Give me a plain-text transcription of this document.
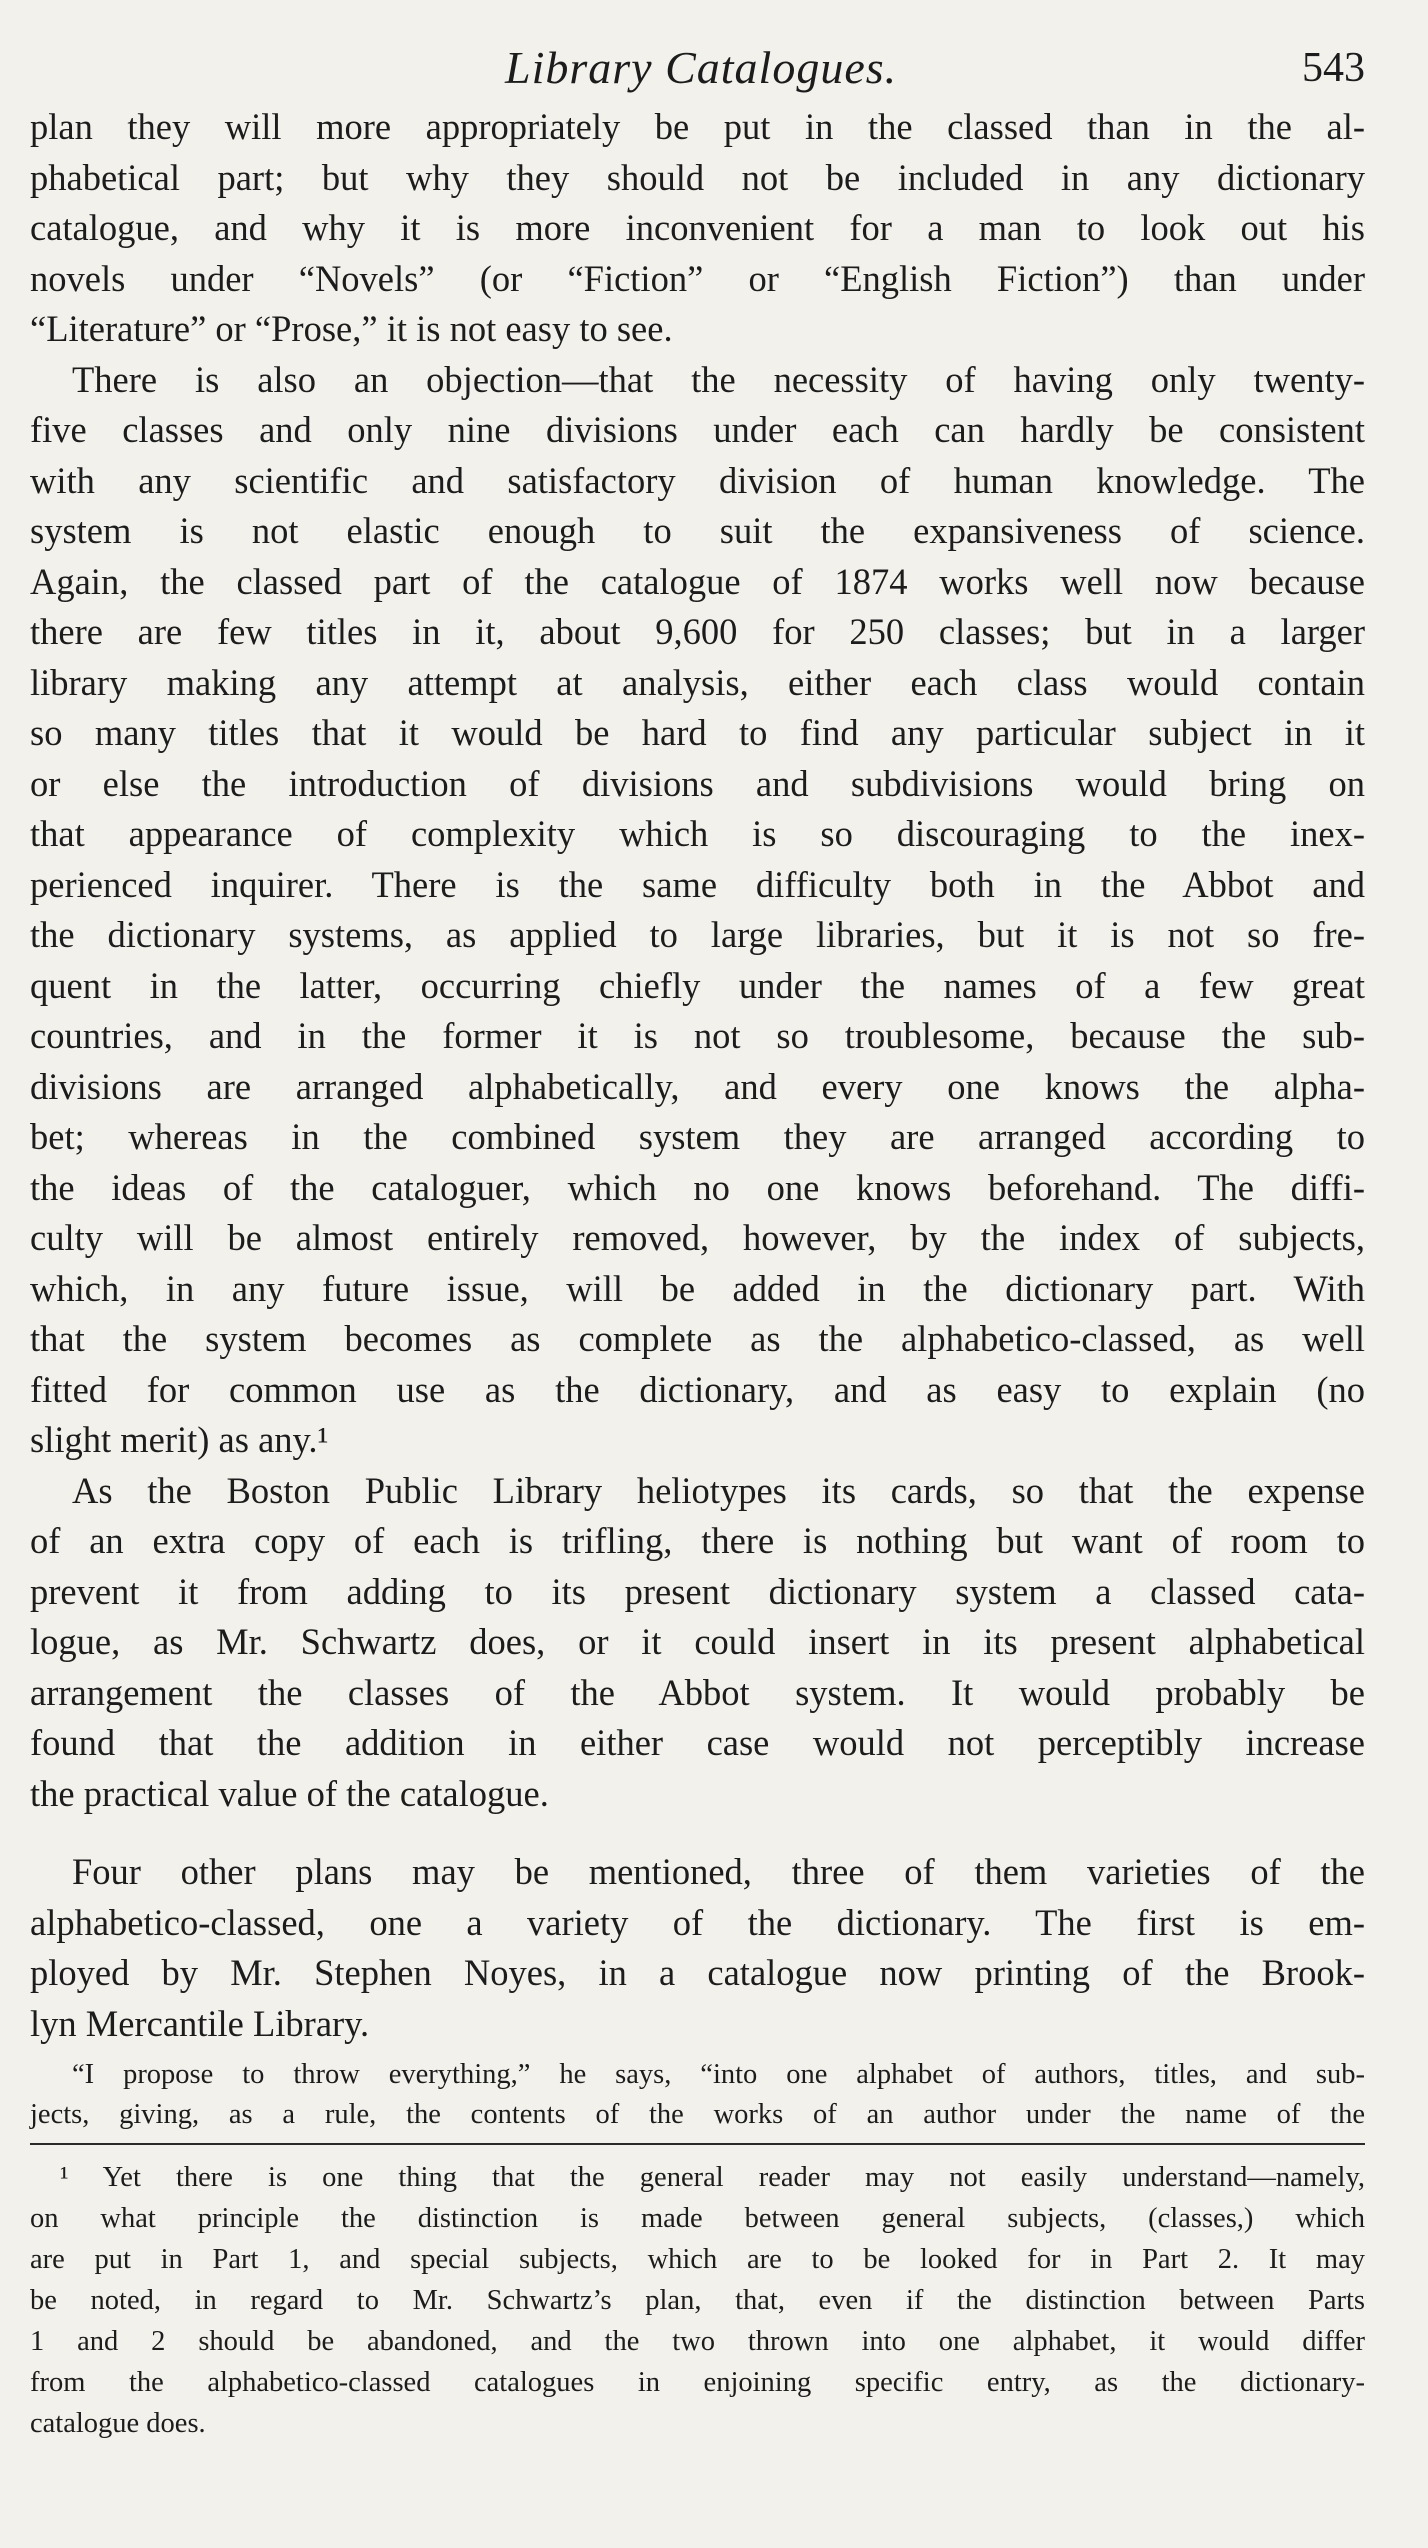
Library Catalogues.	543
plan they will more appropriately be put in the classed than in the al-
phabetical part; but why they should not be included in any dictionary
catalogue, and why it is more inconvenient for a man to look out his
novels under “Novels” (or “Fiction” or “English Fiction”) than under
“Literature” or “Prose,” it is not easy to see.
There is also an objection—that the necessity of having only twenty-
five classes and only nine divisions under each can hardly be consistent
with any scientific and satisfactory division of human knowledge. The
system is not elastic enough to suit the expansiveness of science.
Again, the classed part of the catalogue of 1874 works well now because
there are few titles in it, about 9,600 for 250 classes; but in a larger
library making any attempt at analysis, either each class would contain
so many titles that it would be hard to find any particular subject in it
or else the introduction of divisions and subdivisions would bring on
that appearance of complexity which is so discouraging to the inex-
perienced inquirer. There is the same difficulty both in the Abbot and
the dictionary systems, as applied to large libraries, but it is not so fre-
quent in the latter, occurring chiefly under the names of a few great
countries, and in the former it is not so troublesome, because the sub-
divisions are arranged alphabetically, and every one knows the alpha-
bet; whereas in the combined system they are arranged according to
the ideas of the cataloguer, which no one knows beforehand. The diffi-
culty will be almost entirely removed, however, by the index of subjects,
which, in any future issue, will be added in the dictionary part. With
that the system becomes as complete as the alphabetico-classed, as well
fitted for common use as the dictionary, and as easy to explain (no
slight merit) as any.¹
As the Boston Public Library heliotypes its cards, so that the expense
of an extra copy of each is trifling, there is nothing but want of room to
prevent it from adding to its present dictionary system a classed cata-
logue, as Mr. Schwartz does, or it could insert in its present alphabetical
arrangement the classes of the Abbot system. It would probably be
found that the addition in either case would not perceptibly increase
the practical value of the catalogue.
Four other plans may be mentioned, three of them varieties of the
alphabetico-classed, one a variety of the dictionary. The first is em-
ployed by Mr. Stephen Noyes, in a catalogue now printing of the Brook-
lyn Mercantile Library.
“I propose to throw everything,” he says, “into one alphabet of authors, titles, and sub-
jects, giving, as a rule, the contents of the works of an author under the name of the
¹ Yet there is one thing that the general reader may not easily understand—namely,
on what principle the distinction is made between general subjects, (classes,) which
are put in Part 1, and special subjects, which are to be looked for in Part 2. It may
be noted, in regard to Mr. Schwartz’s plan, that, even if the distinction between Parts
1 and 2 should be abandoned, and the two thrown into one alphabet, it would differ
from the alphabetico-classed catalogues in enjoining specific entry, as the dictionary-
catalogue does.
